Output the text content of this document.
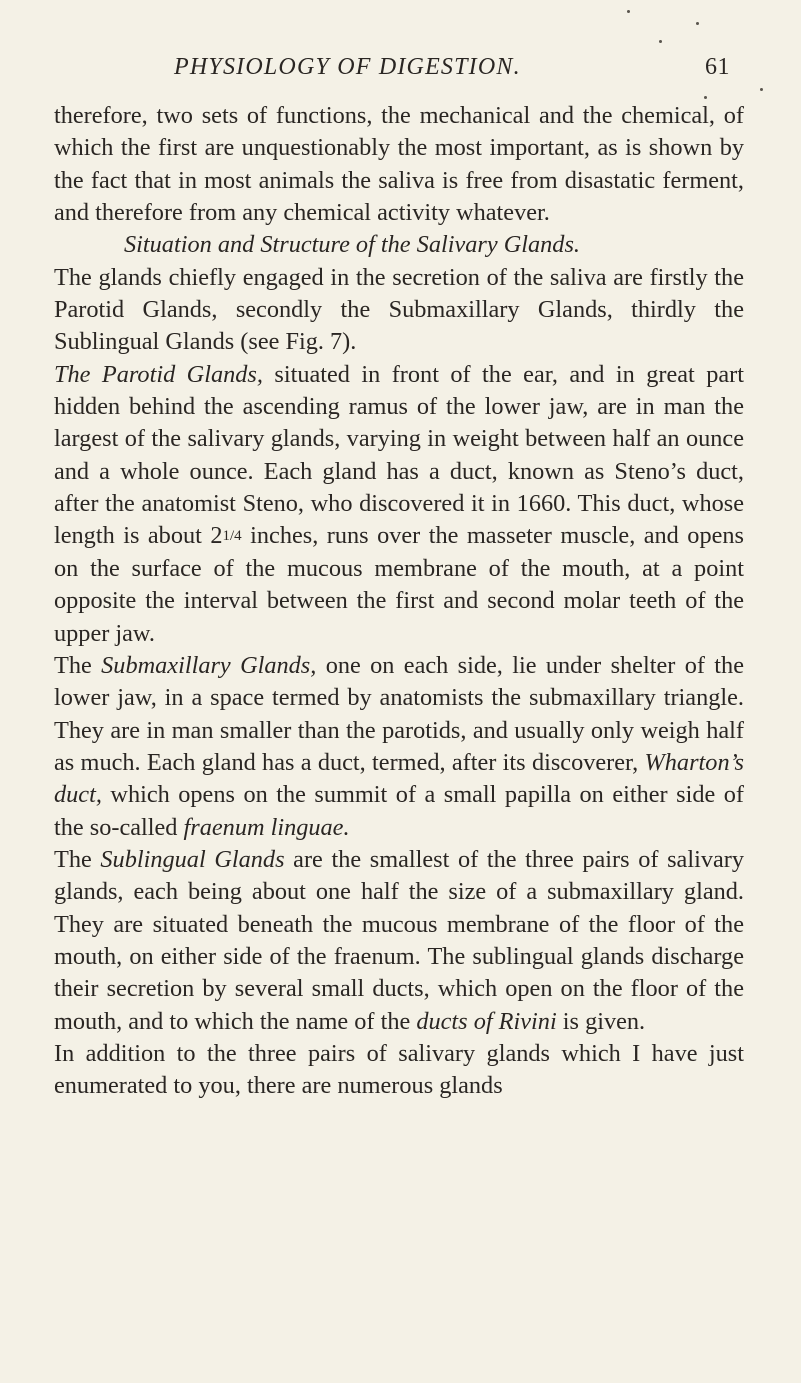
PHYSIOLOGY OF DIGESTION.	61

therefore, two sets of functions, the mechanical and the chemical, of which the first are unquestionably the most important, as is shown by the fact that in most animals the saliva is free from disastatic ferment, and therefore from any chemical activity whatever.

Situation and Structure of the Salivary Glands.

The glands chiefly engaged in the secretion of the saliva are firstly the Parotid Glands, secondly the Submaxillary Glands, thirdly the Sublingual Glands (see Fig. 7).

The Parotid Glands, situated in front of the ear, and in great part hidden behind the ascending ramus of the lower jaw, are in man the largest of the salivary glands, varying in weight between half an ounce and a whole ounce. Each gland has a duct, known as Steno’s duct, after the anatomist Steno, who discovered it in 1660. This duct, whose length is about 21/4 inches, runs over the masseter muscle, and opens on the surface of the mucous membrane of the mouth, at a point opposite the interval between the first and second molar teeth of the upper jaw.

The Submaxillary Glands, one on each side, lie under shelter of the lower jaw, in a space termed by anatomists the submaxillary triangle. They are in man smaller than the parotids, and usually only weigh half as much. Each gland has a duct, termed, after its discoverer, Wharton’s duct, which opens on the summit of a small papilla on either side of the so-called fraenum linguae.

The Sublingual Glands are the smallest of the three pairs of salivary glands, each being about one half the size of a submaxillary gland. They are situated beneath the mucous membrane of the floor of the mouth, on either side of the fraenum. The sublingual glands discharge their secretion by several small ducts, which open on the floor of the mouth, and to which the name of the ducts of Rivini is given.

In addition to the three pairs of salivary glands which I have just enumerated to you, there are numerous glands
